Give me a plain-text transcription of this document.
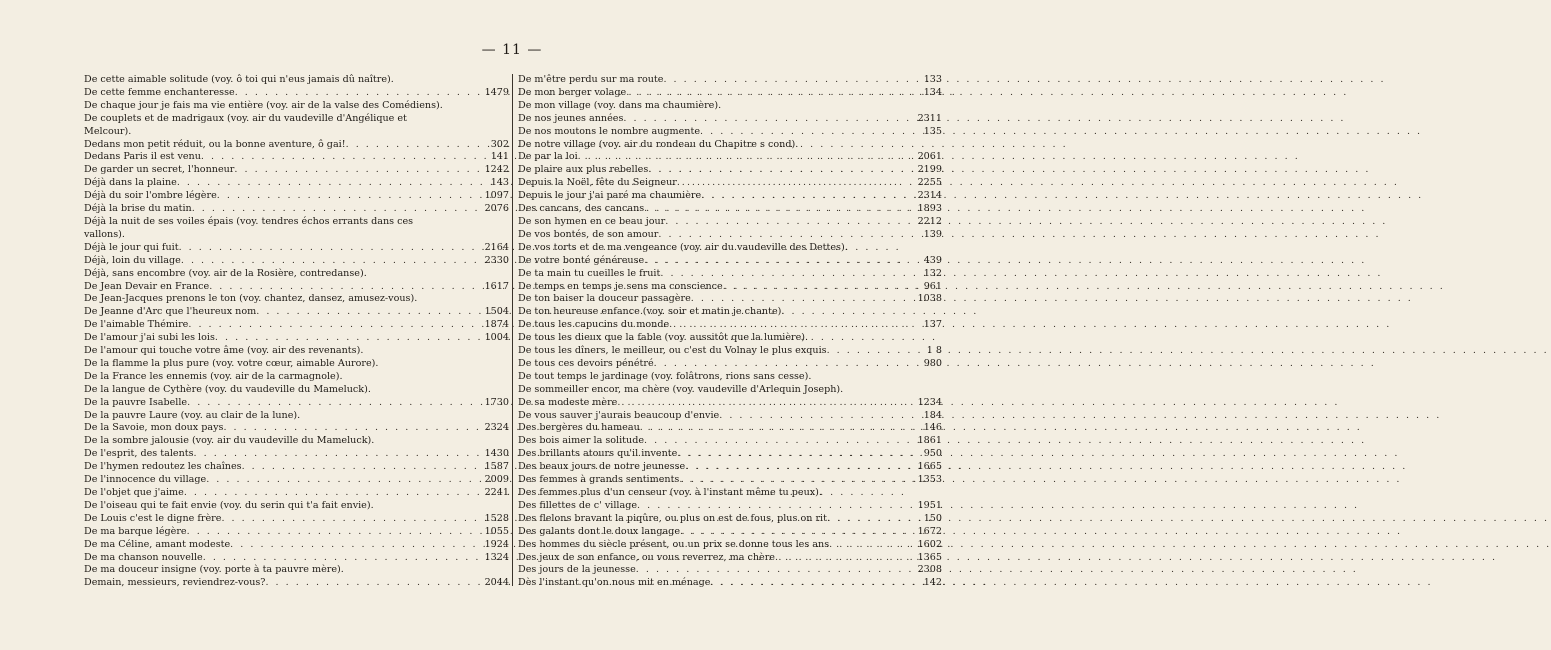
— 11 —
De cette aimable solitude (voy. ô toi qui n'eus jamais dû naître).
De cette femme enchanteresse . . .	1479
De chaque jour je fais ma vie entière (voy. air de la valse des Comédiens).
De couplets et de madrigaux (voy. air du vaudeville d'Angélique et
Melcour).
Dedans mon petit réduit, ou la bonne aventure, ô gai! . . .	302
Dedans Paris il est venu . . .	141
De garder un secret, l'honneur . . .	1242
Déjà dans la plaine . . .	143
Déjà du soir l'ombre légère . . .	1097
Déjà la brise du matin . . .	2076
Déjà la nuit de ses voiles épais (voy. tendres échos errants dans ces
vallons).
Déjà le jour qui fuit . . .	2164
Déjà, loin du village . . .	2330
Déjà, sans encombre (voy. air de la Rosière, contredanse).
De Jean Devair en France . . .	1617
De Jean-Jacques prenons le ton (voy. chantez, dansez, amusez-vous).
De Jeanne d'Arc que l'heureux nom . . .	1504
De l'aimable Thémire . . .	1874
De l'amour j'ai subi les lois . . .	1004
De l'amour qui touche votre âme (voy. air des revenants).
De la flamme la plus pure (voy. votre cœur, aimable Aurore).
De la France les ennemis (voy. air de la carmagnole).
De la langue de Cythère (voy. du vaudeville du Mameluck).
De la pauvre Isabelle . . .	1730
De la pauvre Laure (voy. au clair de la lune).
De la Savoie, mon doux pays . . .	2324
De la sombre jalousie (voy. air du vaudeville du Mameluck).
De l'esprit, des talents . . .	1430
De l'hymen redoutez les chaînes . . .	1587
De l'innocence du village . . .	2009
De l'objet que j'aime . . .	2241
De l'oiseau qui te fait envie (voy. du serin qui t'a fait envie).
De Louis c'est le digne frère . . .	1528
De ma barque légère . . .	1055
De ma Céline, amant modeste . . .	1924
De ma chanson nouvelle . . .	1324
De ma douceur insigne (voy. porte à ta pauvre mère).
Demain, messieurs, reviendrez-vous? . . .	2044
De m'être perdu sur ma route . . .	133
De mon berger volage . . .	134
De mon village (voy. dans ma chaumière).
De nos jeunes années . . .	2311
De nos moutons le nombre augmente . . .	135
De notre village (voy. air du rondeau du Chapitre s cond).
De par la loi . . .	2061
De plaire aux plus rebelles . . .	2199
Depuis la Noël, fête du Seigneur . . .	2255
Depuis le jour j'ai paré ma chaumière . . .	2314
Des cancans, des cancans . . .	1893
De son hymen en ce beau jour . . .	2212
De vos bontés, de son amour . . .	139
De vos torts et de ma vengeance (voy. air du vaudeville des Dettes).
De votre bonté généreuse . . .	439
De ta main tu cueilles le fruit . . .	132
De temps en temps je sens ma conscience . . .	961
De ton baiser la douceur passagère . . .	1038
De ton heureuse enfance (voy. soir et matin je chante).
De tous les capucins du monde . . .	137
De tous les dieux que la fable (voy. aussitôt que la lumière).
De tous les dîners, le meilleur, ou c'est du Volnay le plus exquis . . .	1 8
De tous ces devoirs pénétré . . .	980
De tout temps le jardinage (voy. folâtrons, rions sans cesse).
De sommeiller encor, ma chère (voy. vaudeville d'Arlequin Joseph).
De sa modeste mère . . .	1234
De vous sauver j'aurais beaucoup d'envie . . .	184
Des bergères du hameau . . .	146
Des bois aimer la solitude . . .	1861
Des brillants atours qu'il invente . . .	950
Des beaux jours de notre jeunesse . . .	1665
Des femmes à grands sentiments . . .	1353
Des femmes plus d'un censeur (voy. à l'instant même tu peux).
Des fillettes de c' village . . .	1951
Des flelons bravant la piqûre, ou plus on est de fous, plus on rit . . .	150
Des galants dont le doux langage . . .	1672
Des hommes du siècle présent, ou un prix se donne tous les ans . . .	1602
Des jeux de son enfance, ou vous reverrez, ma chère . . .	1365
Des jours de la jeunesse . . .	2308
Dès l'instant qu'on nous mit en ménage . . .	142
